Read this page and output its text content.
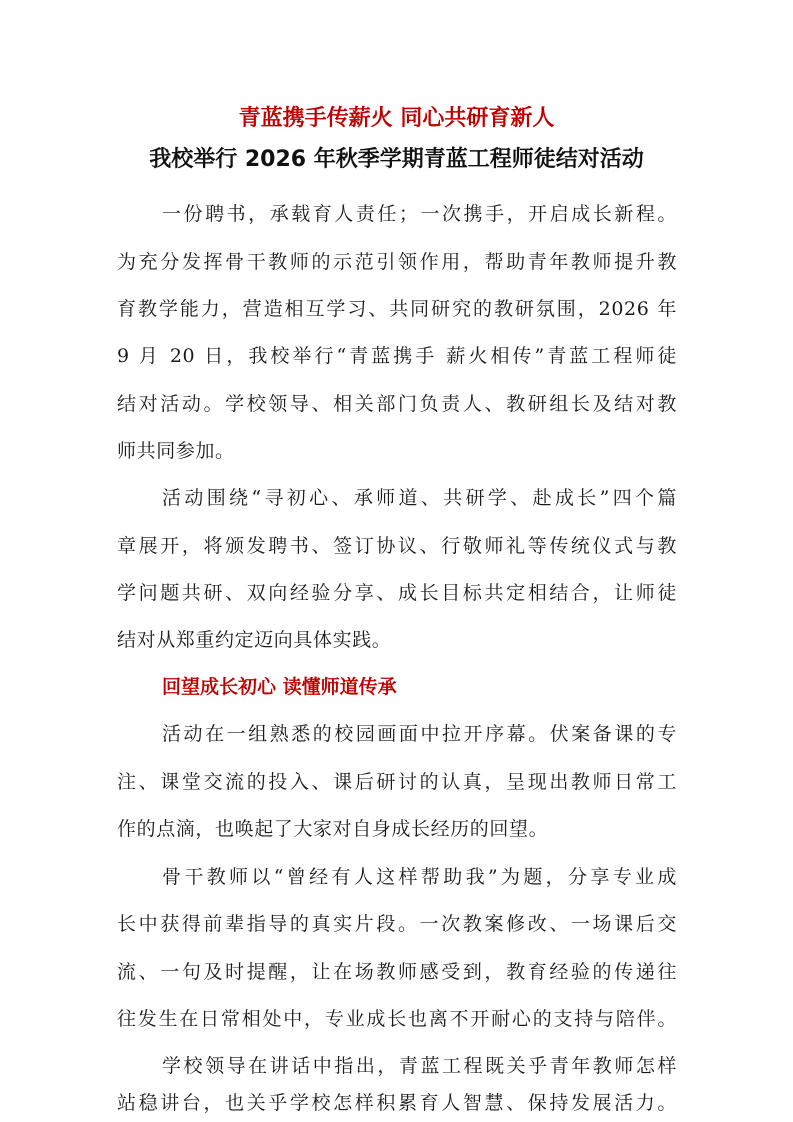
青蓝携手传薪火 同心共研育新人
我校举行 2026 年秋季学期青蓝工程师徒结对活动
一份聘书，承载育人责任；一次携手，开启成长新程。
为充分发挥骨干教师的示范引领作用，帮助青年教师提升教
育教学能力，营造相互学习、共同研究的教研氛围，2026 年
9 月 20 日，我校举行“青蓝携手 薪火相传”青蓝工程师徒
结对活动。学校领导、相关部门负责人、教研组长及结对教
师共同参加。
活动围绕“寻初心、承师道、共研学、赴成长”四个篇
章展开，将颁发聘书、签订协议、行敬师礼等传统仪式与教
学问题共研、双向经验分享、成长目标共定相结合，让师徒
结对从郑重约定迈向具体实践。
回望成长初心 读懂师道传承
活动在一组熟悉的校园画面中拉开序幕。伏案备课的专
注、课堂交流的投入、课后研讨的认真，呈现出教师日常工
作的点滴，也唤起了大家对自身成长经历的回望。
骨干教师以“曾经有人这样帮助我”为题，分享专业成
长中获得前辈指导的真实片段。一次教案修改、一场课后交
流、一句及时提醒，让在场教师感受到，教育经验的传递往
往发生在日常相处中，专业成长也离不开耐心的支持与陪伴。
学校领导在讲话中指出，青蓝工程既关乎青年教师怎样
站稳讲台，也关乎学校怎样积累育人智慧、保持发展活力。
